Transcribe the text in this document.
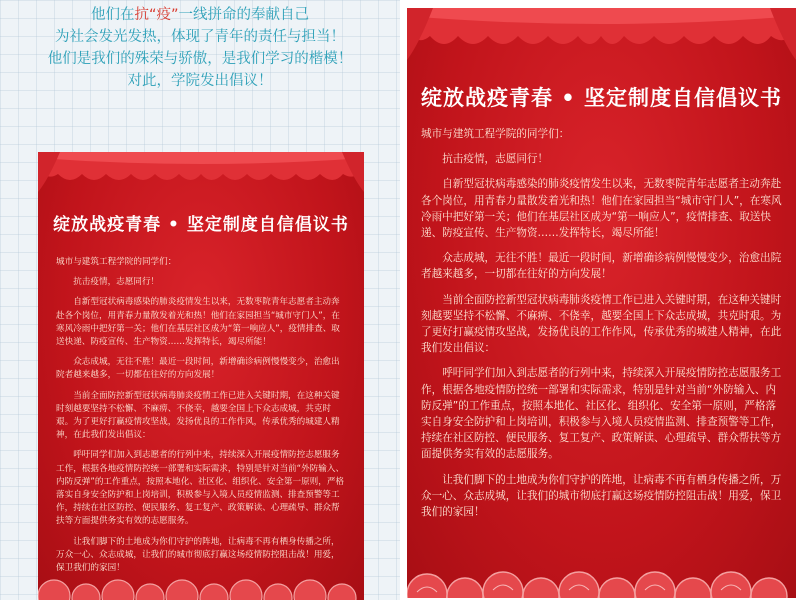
他们在抗“疫”一线拼命的奉献自己

为社会发光发热，体现了青年的责任与担当！

他们是我们的殊荣与骄傲，是我们学习的楷模！

对此，学院发出倡议！

绽放战疫青春 • 坚定制度自信倡议书

城市与建筑工程学院的同学们：

抗击疫情，志愿同行！

自新型冠状病毒感染的肺炎疫情发生以来，无数枣院青年志愿者主动奔赴各个岗位，用青春力量散发着光和热！他们在家园担当“城市守门人”，在寒风冷雨中把好第一关；他们在基层社区成为“第一响应人”，疫情排查、取送快递、防疫宣传、生产物资……发挥特长，竭尽所能！

众志成城，无往不胜！最近一段时间，新增确诊病例慢慢变少，治愈出院者越来越多，一切都在往好的方向发展！

当前全面防控新型冠状病毒肺炎疫情工作已进入关键时期，在这种关键时刻越要坚持不松懈、不麻痹、不侥幸，越要全国上下众志成城，共克时艰。为了更好打赢疫情攻坚战，发扬优良的工作作风，传承优秀的城建人精神，在此我们发出倡议：

呼吁同学们加入到志愿者的行列中来，持续深入开展疫情防控志愿服务工作，根据各地疫情防控统一部署和实际需求，特别是针对当前“外防输入、内防反弹”的工作重点，按照本地化、社区化、组织化、安全第一原则，严格落实自身安全防护和上岗培训，积极参与入境人员疫情监测、排查预警等工作，持续在社区防控、便民服务、复工复产、政策解读、心理疏导、群众帮扶等方面提供务实有效的志愿服务。

让我们脚下的土地成为你们守护的阵地，让病毒不再有栖身传播之所，万众一心、众志成城，让我们的城市彻底打赢这场疫情防控阻击战！用爱，保卫我们的家园！

绽放战疫青春 • 坚定制度自信倡议书

城市与建筑工程学院的同学们：

抗击疫情，志愿同行！

自新型冠状病毒感染的肺炎疫情发生以来，无数枣院青年志愿者主动奔赴各个岗位，用青春力量散发着光和热！他们在家园担当“城市守门人”，在寒风冷雨中把好第一关；他们在基层社区成为“第一响应人”，疫情排查、取送快递、防疫宣传、生产物资……发挥特长，竭尽所能！

众志成城，无往不胜！最近一段时间，新增确诊病例慢慢变少，治愈出院者越来越多，一切都在往好的方向发展！

当前全面防控新型冠状病毒肺炎疫情工作已进入关键时期，在这种关键时刻越要坚持不松懈、不麻痹、不侥幸，越要全国上下众志成城，共克时艰。为了更好打赢疫情攻坚战，发扬优良的工作作风，传承优秀的城建人精神，在此我们发出倡议：

呼吁同学们加入到志愿者的行列中来，持续深入开展疫情防控志愿服务工作，根据各地疫情防控统一部署和实际需求，特别是针对当前“外防输入、内防反弹”的工作重点，按照本地化、社区化、组织化、安全第一原则，严格落实自身安全防护和上岗培训，积极参与入境人员疫情监测、排查预警等工作，持续在社区防控、便民服务、复工复产、政策解读、心理疏导、群众帮扶等方面提供务实有效的志愿服务。

让我们脚下的土地成为你们守护的阵地，让病毒不再有栖身传播之所，万众一心、众志成城，让我们的城市彻底打赢这场疫情防控阻击战！用爱，保卫我们的家园！
